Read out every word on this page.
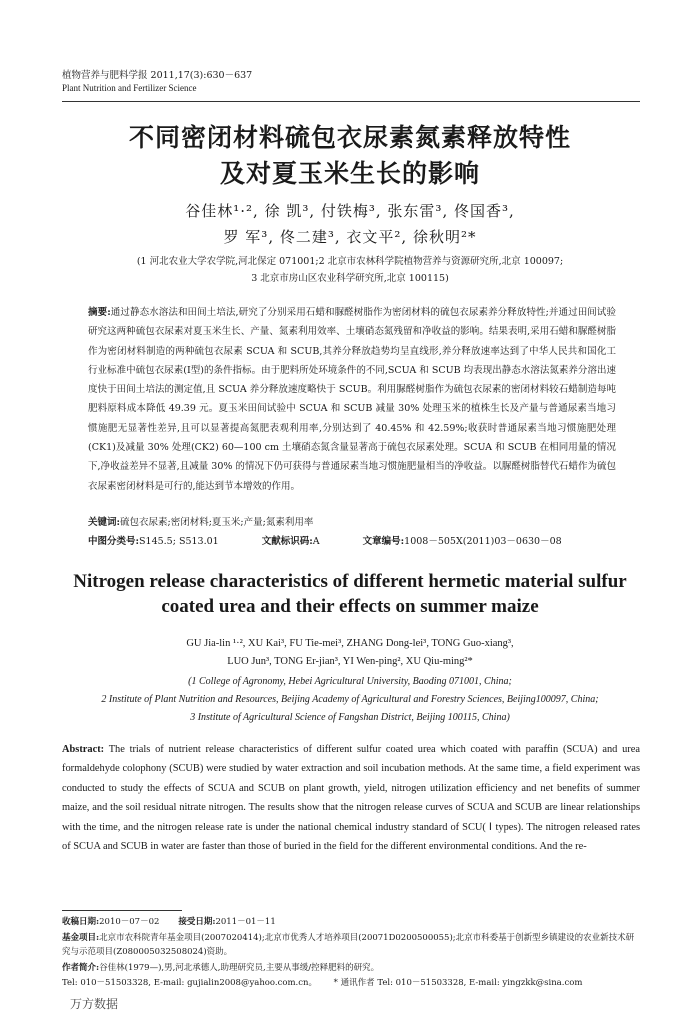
植物营养与肥料学报 2011,17(3):630－637
Plant Nutrition and Fertilizer Science
不同密闭材料硫包衣尿素氮素释放特性
及对夏玉米生长的影响
谷佳林¹·², 徐 凯³, 付铁梅³, 张东雷³, 佟国香³,
罗 军³, 佟二建³, 衣文平², 徐秋明²*
(1 河北农业大学农学院,河北保定 071001;2 北京市农林科学院植物营养与资源研究所,北京 100097;
3 北京市房山区农业科学研究所,北京 100115)
摘要:通过静态水溶法和田间土培法,研究了分别采用石蜡和脲醛树脂作为密闭材料的硫包衣尿素养分释放特性;并通过田间试验研究这两种硫包衣尿素对夏玉米生长、产量、氮素利用效率、土壤硝态氮残留和净收益的影响。结果表明,采用石蜡和脲醛树脂作为密闭材料制造的两种硫包衣尿素 SCUA 和 SCUB,其养分释放趋势均呈直线形,养分释放速率达到了中华人民共和国化工行业标准中硫包衣尿素(Ⅰ型)的条件指标。由于肥料所处环境条件的不同,SCUA 和 SCUB 均表现出静态水溶法氮素养分溶出速度快于田间土培法的测定值,且 SCUA 养分释放速度略快于 SCUB。利用脲醛树脂作为硫包衣尿素的密闭材料较石蜡制造每吨肥料原料成本降低 49.39 元。夏玉米田间试验中 SCUA 和 SCUB 减量 30% 处理玉米的植株生长及产量与普通尿素当地习惯施肥无显著性差异,且可以显著提高氮肥表观利用率,分别达到了 40.45% 和 42.59%;收获时普通尿素当地习惯施肥处理(CK1)及减量 30% 处理(CK2) 60—100 cm 土壤硝态氮含量显著高于硫包衣尿素处理。SCUA 和 SCUB 在相同用量的情况下,净收益差异不显著,且减量 30% 的情况下仍可获得与普通尿素当地习惯施肥量相当的净收益。以脲醛树脂替代石蜡作为硫包衣尿素密闭材料是可行的,能达到节本增效的作用。
关键词:硫包衣尿素;密闭材料;夏玉米;产量;氮素利用率
中图分类号:S145.5; S513.01	文献标识码:A	文章编号:1008－505X(2011)03－0630－08
Nitrogen release characteristics of different hermetic material sulfur
coated urea and their effects on summer maize
GU Jia-lin ¹·², XU Kai³, FU Tie-mei³, ZHANG Dong-lei³, TONG Guo-xiang³,
LUO Jun³, TONG Er-jian³, YI Wen-ping², XU Qiu-ming²*
(1 College of Agronomy, Hebei Agricultural University, Baoding 071001, China;
2 Institute of Plant Nutrition and Resources, Beijing Academy of Agricultural and Forestry Sciences, Beijing100097, China;
3 Institute of Agricultural Science of Fangshan District, Beijing 100115, China)
Abstract: The trials of nutrient release characteristics of different sulfur coated urea which coated with paraffin (SCUA) and urea formaldehyde colophony (SCUB) were studied by water extraction and soil incubation methods. At the same time, a field experiment was conducted to study the effects of SCUA and SCUB on plant growth, yield, nitrogen utilization efficiency and net benefits of summer maize, and the soil residual nitrate nitrogen. The results show that the nitrogen release curves of SCUA and SCUB are linear relationships with the time, and the nitrogen release rate is under the national chemical industry standard of SCU( Ⅰ types). The nitrogen released rates of SCUA and SCUB in water are faster than those of buried in the field for the different environmental conditions. And the re-
收稿日期:2010－07－02 接受日期:2011－01－11
基金项目:北京市农科院青年基金项目(2007020414);北京市优秀人才培养项目(20071D0200500055);北京市科委基于创新型乡镇建设的农业新技术研究与示范项目(Z080005032508024)资助。
作者简介:谷佳林(1979—),男,河北承德人,助理研究员,主要从事缓/控释肥料的研究。
Tel: 010－51503328, E-mail: gujialin2008@yahoo.com.cn。 * 通讯作者 Tel: 010－51503328, E-mail: yingzkk@sina.com
万方数据
